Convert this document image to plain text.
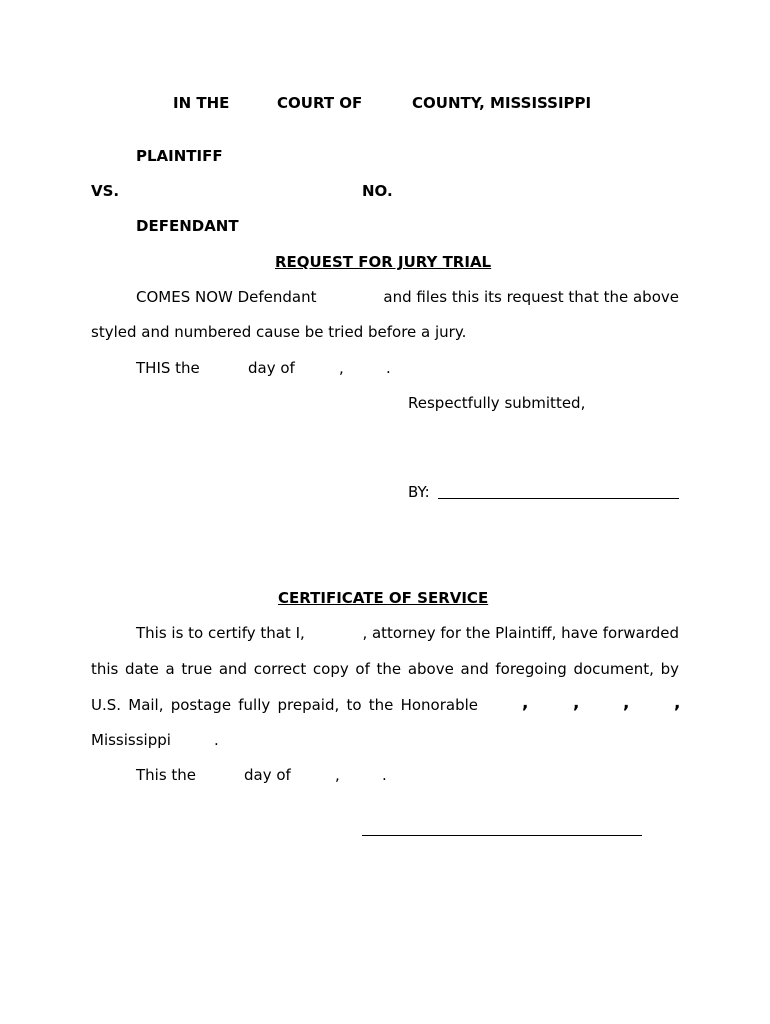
IN THE	COURT OF	COUNTY, MISSISSIPPI
PLAINTIFF
VS.	NO.
DEFENDANT
REQUEST FOR JURY TRIAL
COMES NOW Defendant	and files this its request that the above
styled and numbered cause be tried before a jury.
THIS the	day of	,	.
Respectfully submitted,
BY:
CERTIFICATE OF SERVICE
This is to certify that I,	, attorney for the Plaintiff, have forwarded
this date a true and correct copy of the above and foregoing document, by
U.S. Mail, postage fully prepaid, to the Honorable	,	,	,	,
Mississippi	.
This the	day of	,	.
